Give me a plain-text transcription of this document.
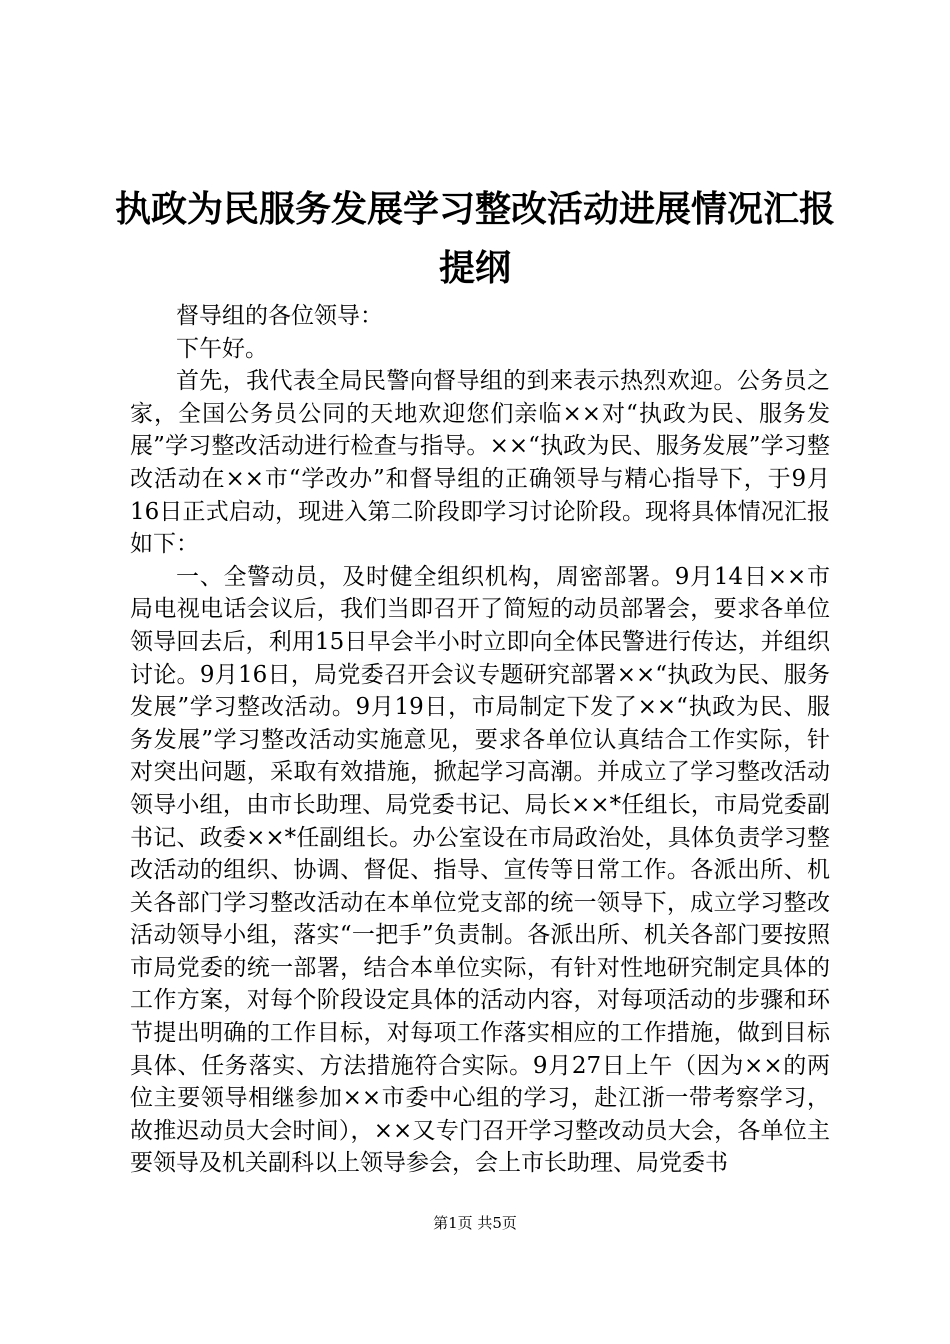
执政为民服务发展学习整改活动进展情况汇报
提纲

督导组的各位领导：

下午好。

首先，我代表全局民警向督导组的到来表示热烈欢迎。公务员之家，全国公务员公同的天地欢迎您们亲临××对“执政为民、服务发展”学习整改活动进行检查与指导。××“执政为民、服务发展”学习整改活动在××市“学改办”和督导组的正确领导与精心指导下，于9月16日正式启动，现进入第二阶段即学习讨论阶段。现将具体情况汇报如下：

一、全警动员，及时健全组织机构，周密部署。9月14日××市局电视电话会议后，我们当即召开了简短的动员部署会，要求各单位领导回去后，利用15日早会半小时立即向全体民警进行传达，并组织讨论。9月16日，局党委召开会议专题研究部署××“执政为民、服务发展”学习整改活动。9月19日，市局制定下发了××“执政为民、服务发展”学习整改活动实施意见，要求各单位认真结合工作实际，针对突出问题，采取有效措施，掀起学习高潮。并成立了学习整改活动领导小组，由市长助理、局党委书记、局长××*任组长，市局党委副书记、政委××*任副组长。办公室设在市局政治处，具体负责学习整改活动的组织、协调、督促、指导、宣传等日常工作。各派出所、机关各部门学习整改活动在本单位党支部的统一领导下，成立学习整改活动领导小组，落实“一把手”负责制。各派出所、机关各部门要按照市局党委的统一部署，结合本单位实际，有针对性地研究制定具体的工作方案，对每个阶段设定具体的活动内容，对每项活动的步骤和环节提出明确的工作目标，对每项工作落实相应的工作措施，做到目标具体、任务落实、方法措施符合实际。9月27日上午（因为××的两位主要领导相继参加××市委中心组的学习，赴江浙一带考察学习，故推迟动员大会时间），××又专门召开学习整改动员大会，各单位主要领导及机关副科以上领导参会，会上市长助理、局党委书

第1页 共5页
